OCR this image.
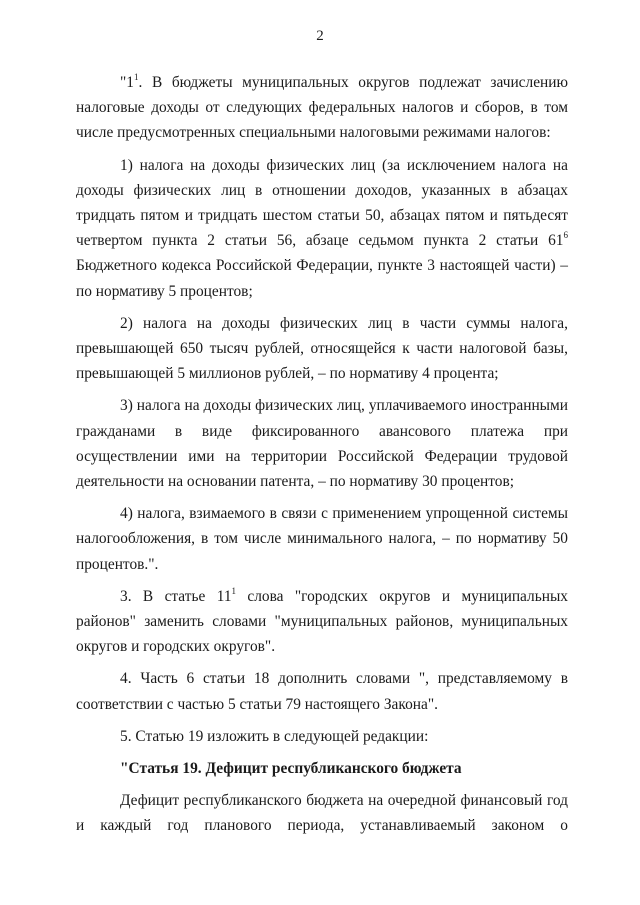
2

"$1^1$. В бюджеты муниципальных округов подлежат зачислению налоговые доходы от следующих федеральных налогов и сборов, в том числе предусмотренных специальными налоговыми режимами налогов:

1) налога на доходы физических лиц (за исключением налога на доходы физических лиц в отношении доходов, указанных в абзацах тридцать пятом и тридцать шестом статьи 50, абзацах пятом и пятьдесят четвертом пункта 2 статьи 56, абзаце седьмом пункта 2 статьи $61^6$ Бюджетного кодекса Российской Федерации, пункте 3 настоящей части) – по нормативу 5 процентов;

2) налога на доходы физических лиц в части суммы налога, превышающей 650 тысяч рублей, относящейся к части налоговой базы, превышающей 5 миллионов рублей, – по нормативу 4 процента;

3) налога на доходы физических лиц, уплачиваемого иностранными гражданами в виде фиксированного авансового платежа при осуществлении ими на территории Российской Федерации трудовой деятельности на основании патента, – по нормативу 30 процентов;

4) налога, взимаемого в связи с применением упрощенной системы налогообложения, в том числе минимального налога, – по нормативу 50 процентов.".

3. В статье $11^1$ слова "городских округов и муниципальных районов" заменить словами "муниципальных районов, муниципальных округов и городских округов".

4. Часть 6 статьи 18 дополнить словами ", представляемому в соответствии с частью 5 статьи 79 настоящего Закона".

5. Статью 19 изложить в следующей редакции:

"Статья 19. Дефицит республиканского бюджета

Дефицит республиканского бюджета на очередной финансовый год и каждый год планового периода, устанавливаемый законом о
